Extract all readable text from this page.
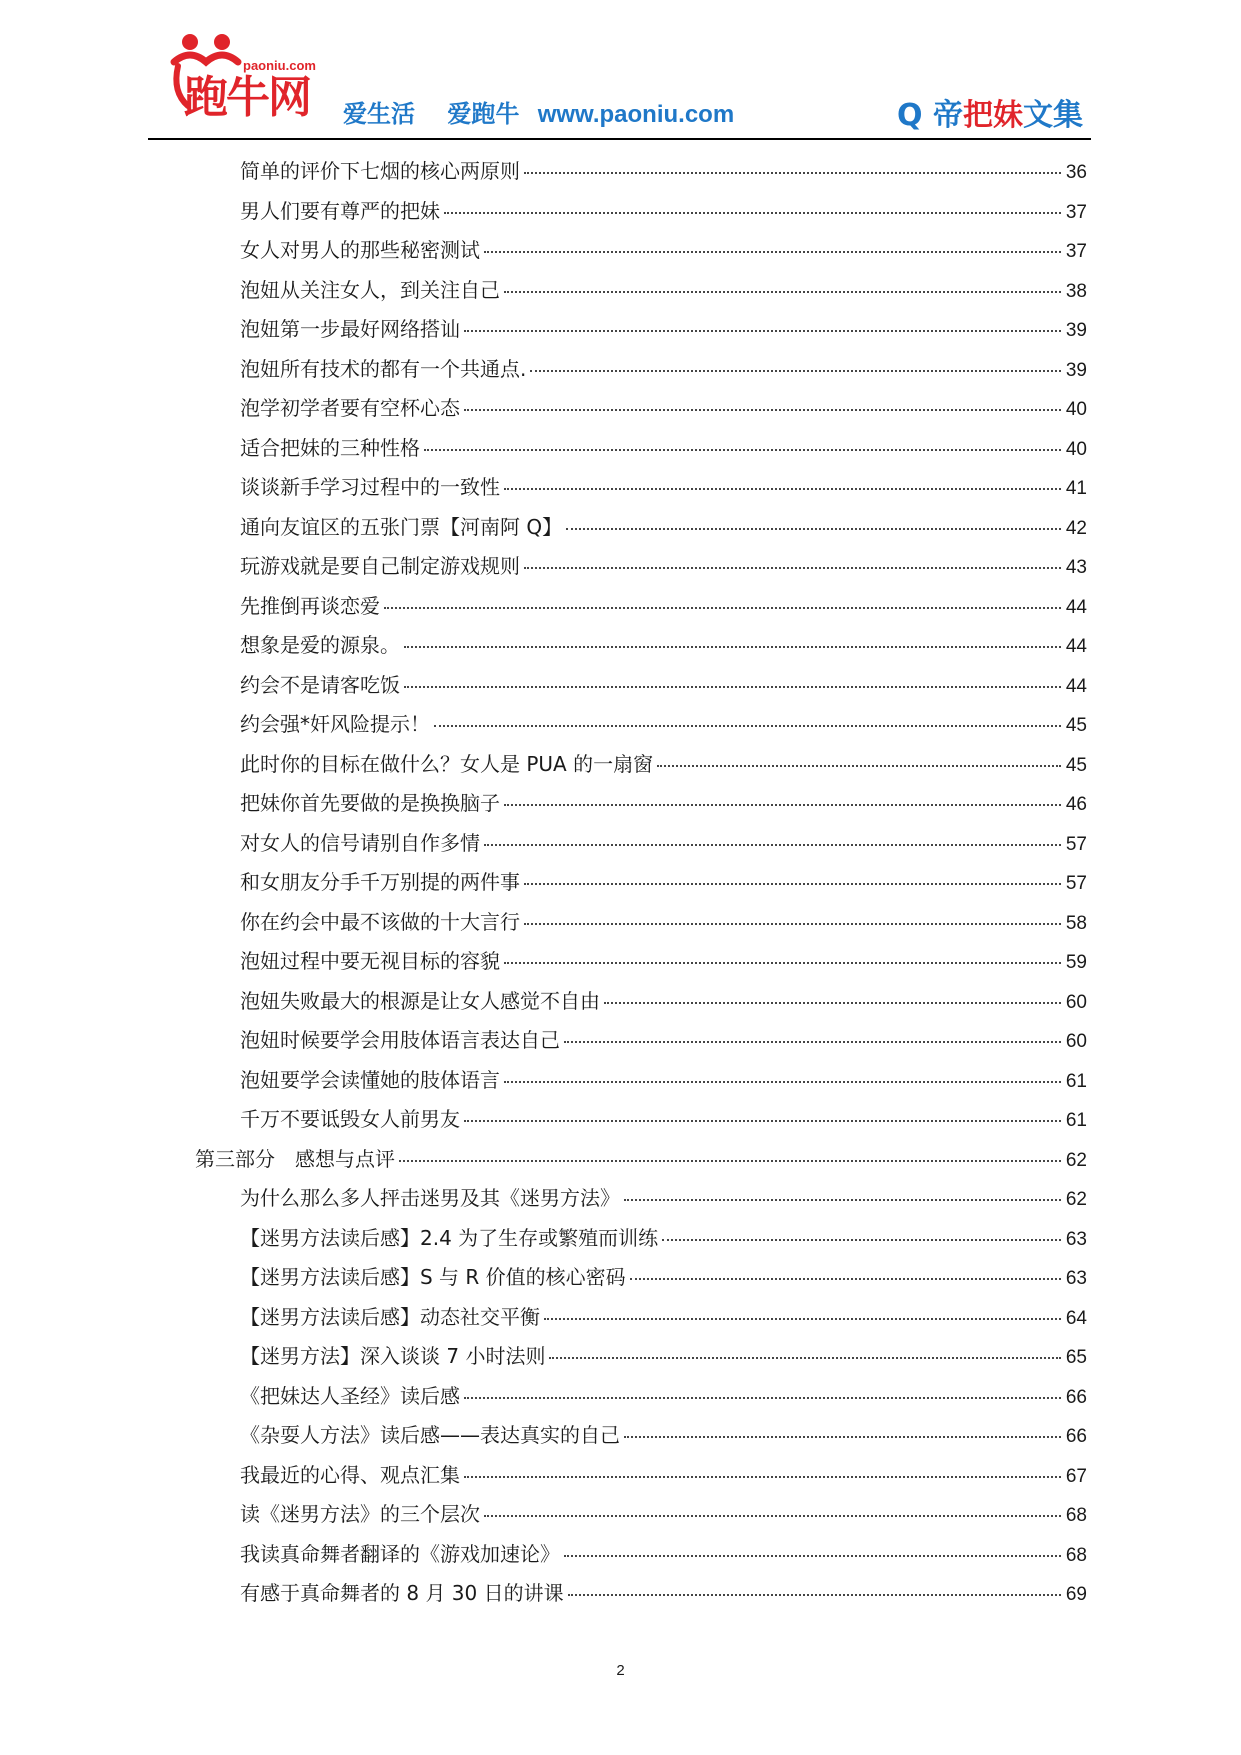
paoniu.com
跑牛网 爱生活 爱跑牛 www.paoniu.com	Q 帝把妹文集
简单的评价下七烟的核心两原则	36
男人们要有尊严的把妹	37
女人对男人的那些秘密测试	37
泡妞从关注女人，到关注自己	38
泡妞第一步最好网络搭讪	39
泡妞所有技术的都有一个共通点.	39
泡学初学者要有空杯心态	40
适合把妹的三种性格	40
谈谈新手学习过程中的一致性	41
通向友谊区的五张门票【河南阿 Q】	42
玩游戏就是要自己制定游戏规则	43
先推倒再谈恋爱	44
想象是爱的源泉。	44
约会不是请客吃饭	44
约会强*奸风险提示！	45
此时你的目标在做什么？女人是 PUA 的一扇窗	45
把妹你首先要做的是换换脑子	46
对女人的信号请别自作多情	57
和女朋友分手千万别提的两件事	57
你在约会中最不该做的十大言行	58
泡妞过程中要无视目标的容貌	59
泡妞失败最大的根源是让女人感觉不自由	60
泡妞时候要学会用肢体语言表达自己	60
泡妞要学会读懂她的肢体语言	61
千万不要诋毁女人前男友	61
第三部分　感想与点评	62
为什么那么多人抨击迷男及其《迷男方法》	62
【迷男方法读后感】2.4 为了生存或繁殖而训练	63
【迷男方法读后感】S 与 R 价值的核心密码	63
【迷男方法读后感】动态社交平衡	64
【迷男方法】深入谈谈 7 小时法则	65
《把妹达人圣经》读后感	66
《杂耍人方法》读后感——表达真实的自己	66
我最近的心得、观点汇集	67
读《迷男方法》的三个层次	68
我读真命舞者翻译的《游戏加速论》	68
有感于真命舞者的 8 月 30 日的讲课	69
2
